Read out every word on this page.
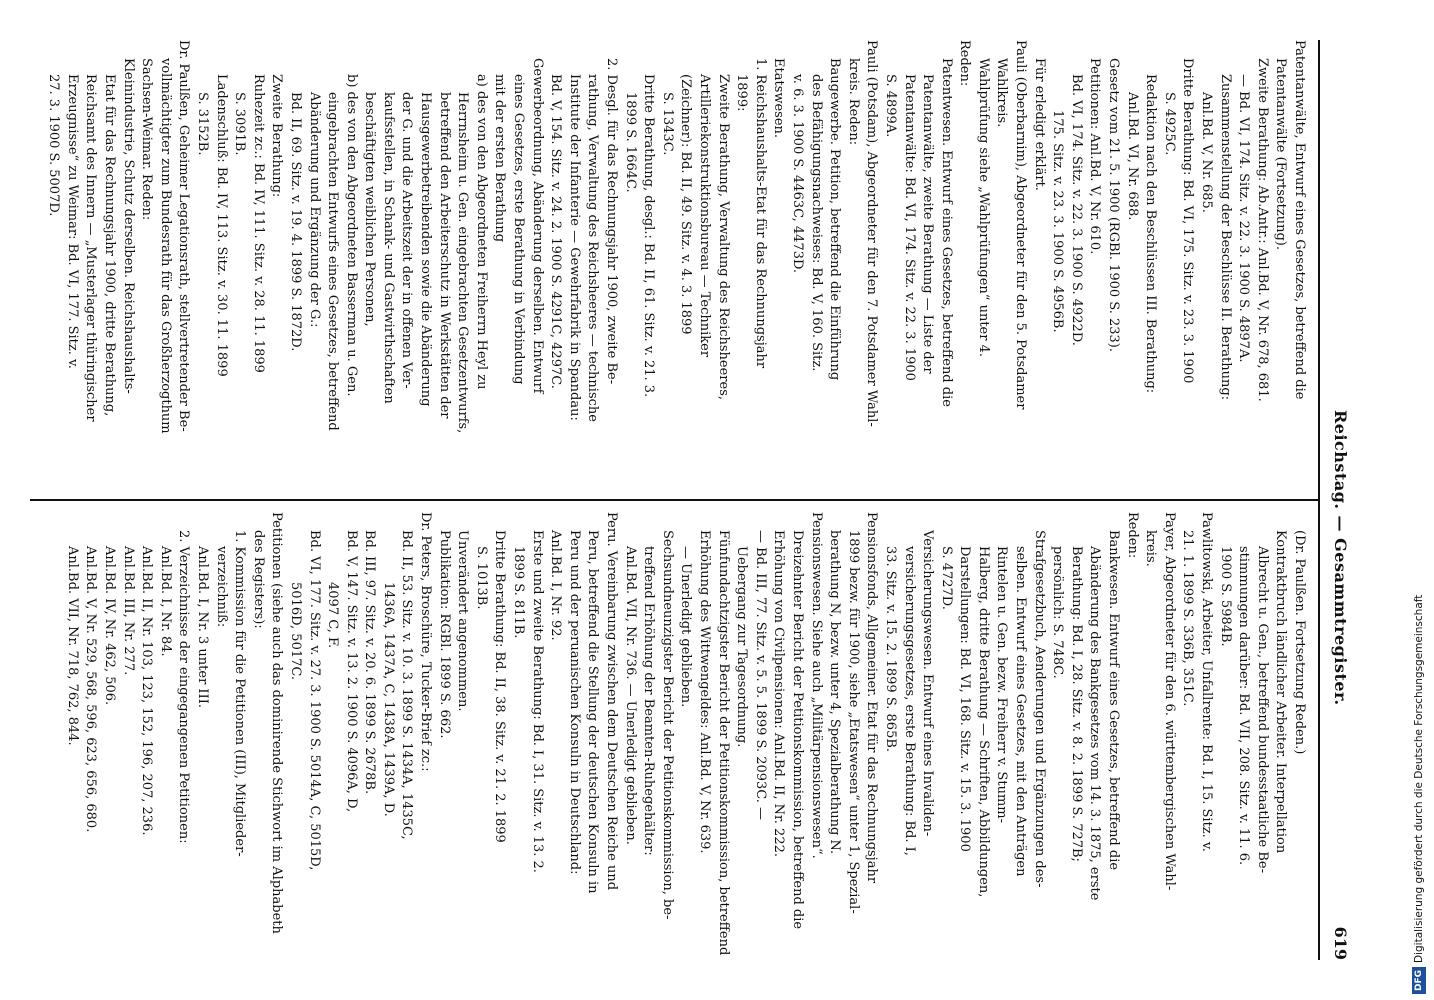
Reichstag. — Gesammtregister.
619
Patentanwälte, Entwurf eines Gesetzes, betreffend die
Patentanwälte (Fortsetzung).
Zweite Berathung: Ab.Antr.: Anl.Bd. V, Nr. 678, 681.
— Bd. VI, 174. Sitz. v. 22. 3. 1900 S. 4897A.
Zusammenstellung der Beschlüsse II. Berathung:
Anl.Bd. V, Nr. 685.
Dritte Berathung: Bd. VI, 175. Sitz. v. 23. 3. 1900
S. 4925C.
Redaktion nach den Beschlüssen III. Berathung:
Anl.Bd. VI, Nr. 688.
Gesetz vom 21. 5. 1900 (RGBl. 1900 S. 233).
Petitionen: Anl.Bd. V, Nr. 610.
Bd. VI, 174. Sitz. v. 22. 3. 1900 S. 4922D.
175. Sitz. v. 23. 3. 1900 S. 4956B.
Für erledigt erklärt.
Pauli (Oberbarnim), Abgeordneter für den 5. Potsdamer
Wahlkreis.
Wahlprüfung siehe „Wahlprüfungen“ unter 4.
Reden:
Patentwesen. Entwurf eines Gesetzes, betreffend die
Patentanwälte, zweite Berathung — Liste der
Patentanwälte: Bd. VI, 174. Sitz. v. 22. 3. 1900
S. 4899A.
Pauli (Potsdam), Abgeordneter für den 7. Potsdamer Wahl-
kreis. Reden:
Baugewerbe. Petition, betreffend die Einführung
des Befähigungsnachweises: Bd. V, 160. Sitz.
v. 6. 3. 1900 S. 4463C, 4473D.
Etatswesen.
1. Reichshaushalts-Etat für das Rechnungsjahr
1899:
Zweite Berathung, Verwaltung des Reichsheeres,
Artilleriekonstruktionsbureau — Techniker
(Zeichner): Bd. II, 49. Sitz. v. 4. 3. 1899
S. 1343C.
Dritte Berathung, desgl.: Bd. II, 61. Sitz. v. 21. 3.
1899 S. 1664C.
2. Desgl. für das Rechnungsjahr 1900, zweite Be-
rathung, Verwaltung des Reichsheeres — technische
Institute der Infanterie — Gewehrfabrik in Spandau:
Bd. V, 154. Sitz. v. 24. 2. 1900 S. 4291C, 4297C.
Gewerbeordnung, Abänderung derselben. Entwurf
eines Gesetzes, erste Berathung in Verbindung
mit der ersten Berathung
a) des von den Abgeordneten Freiherrn Heyl zu
Herrnsheim u. Gen. eingebrachten Gesetzentwurfs,
betreffend den Arbeiterschutz in Werkstätten der
Hausgewerbetreibenden sowie die Abänderung
der G. und die Arbeitszeit der in offenen Ver-
kaufsstellen, in Schank- und Gastwirthschaften
beschäftigten weiblichen Personen,
b) des von den Abgeordneten Basserman u. Gen.
eingebrachten Entwurfs eines Gesetzes, betreffend
Abänderung und Ergänzung der G.:
Bd. II, 69. Sitz. v. 19. 4. 1899 S. 1872D.
Zweite Berathung:
Ruhezeit zc.: Bd. IV, 111. Sitz. v. 28. 11. 1899
S. 3091B.
Ladenschluß: Bd. IV, 113. Sitz. v. 30. 11. 1899
S. 3152B.
Dr. Paulßen, Geheimer Legationsrath, stellvertretender Be-
vollmächtigter zum Bundesrath für das Großherzogthum
Sachsen-Weimar. Reden:
Kleinindustrie, Schutz derselben. Reichshaushalts-
Etat für das Rechnungsjahr 1900, dritte Berathung,
Reichsamt des Innern — „Musterlager thüringischer
Erzeugnisse“ zu Weimar: Bd. VI, 177. Sitz. v.
27. 3. 1900 S. 5007D.
(Dr. Paulßen. Fortsetzung Reden.)
Kontraktbruch ländlicher Arbeiter. Interpellation
Albrecht u. Gen., betreffend bundesstaatliche Be-
stimmungen darüber: Bd. VII, 208. Sitz. v. 11. 6.
1900 S. 5984B.
Pawlitowski, Arbeiter, Unfallrente: Bd. I, 15. Sitz. v.
21. 1. 1899 S. 336B, 351C.
Payer, Abgeordneter für den 6. württembergischen Wahl-
kreis.
Reden:
Bankwesen. Entwurf eines Gesetzes, betreffend die
Abänderung des Bankgesetzes vom 14. 3. 1875, erste
Berathung: Bd. I, 28. Sitz. v. 8. 2. 1899 S. 727B;
persönlich: S. 748C.
Strafgesetzbuch, Aenderungen und Ergänzungen des-
selben. Entwurf eines Gesetzes, mit den Anträgen
Rintelen u. Gen. bezw. Freiherr v. Stumm-
Halberg, dritte Berathung — Schriften, Abbildungen,
Darstellungen: Bd. VI, 168. Sitz. v. 15. 3. 1900
S. 4727D.
Versicherungswesen. Entwurf eines Invaliden-
versicherungsgesetzes, erste Berathung: Bd. I,
33. Sitz. v. 15. 2. 1899 S. 865B.
Pensionsfonds, Allgemeiner. Etat für das Rechnungsjahr
1899 bezw. für 1900, siehe „Etatswesen“ unter 1, Spezial-
berathung N, bezw. unter 4, Spezialberathung N.
Pensionswesen. Siehe auch „Militärpensionswesen“.
Dreizehnter Bericht der Petitionskommission, betreffend die
Erhöhung von Civilpensionen: Anl.Bd. II, Nr. 222.
— Bd. III, 77. Sitz. v. 5. 5. 1899 S. 2093C. —
Uebergang zur Tagesordnung.
Fünfundachtzigster Bericht der Petitionskommission, betreffend
Erhöhung des Wittwengeldes: Anl.Bd. V, Nr. 639.
— Unerledigt geblieben.
Sechsundneunzigster Bericht der Petitionskommission, be-
treffend Erhöhung der Beamten-Ruhegehälter:
Anl.Bd. VII, Nr. 736. — Unerledigt geblieben.
Peru. Vereinbarung zwischen dem Deutschen Reiche und
Peru, betreffend die Stellung der deutschen Konsuln in
Peru und der peruanischen Konsuln in Deutschland:
Anl.Bd. I, Nr. 92.
Erste und zweite Berathung: Bd. I, 31. Sitz. v. 13. 2.
1899 S. 811B.
Dritte Berathung: Bd. II, 38. Sitz. v. 21. 2. 1899
S. 1013B.
Unverändert angenommen.
Publikation: RGBl. 1899 S. 662.
Dr. Peters, Broschüre, Tucker-Brief zc.:
Bd. II, 53. Sitz. v. 10. 3. 1899 S. 1434A, 1435C,
1436A, 1437A, C, 1438A, 1439A, D.
Bd. III, 97. Sitz. v. 20. 6. 1899 S. 2678B.
Bd. V, 147. Sitz. v. 13. 2. 1900 S. 4096A, D,
4097 C, F.
Bd. VI, 177. Sitz. v. 27. 3. 1900 S. 5014A, C, 5015D,
5016D, 5017C.
Petitionen (siehe auch das dominirende Stichwort im Alphabeth
des Registers):
1. Kommission für die Petitionen (III), Mitglieder-
verzeichniß:
Anl.Bd. I, Nr. 3 unter III.
2. Verzeichnisse der eingegangenen Petitionen:
Anl.Bd. I, Nr. 84.
Anl.Bd. II, Nr. 103, 123, 152, 196, 207, 236.
Anl.Bd. III, Nr. 277.
Anl.Bd. IV, Nr. 462, 506.
Anl.Bd. V, Nr. 529, 568, 596, 623, 656, 680.
Anl.Bd. VII, Nr. 718, 762, 844.
DFGDigitalisierung gefördert durch die Deutsche Forschungsgemeinschaft
